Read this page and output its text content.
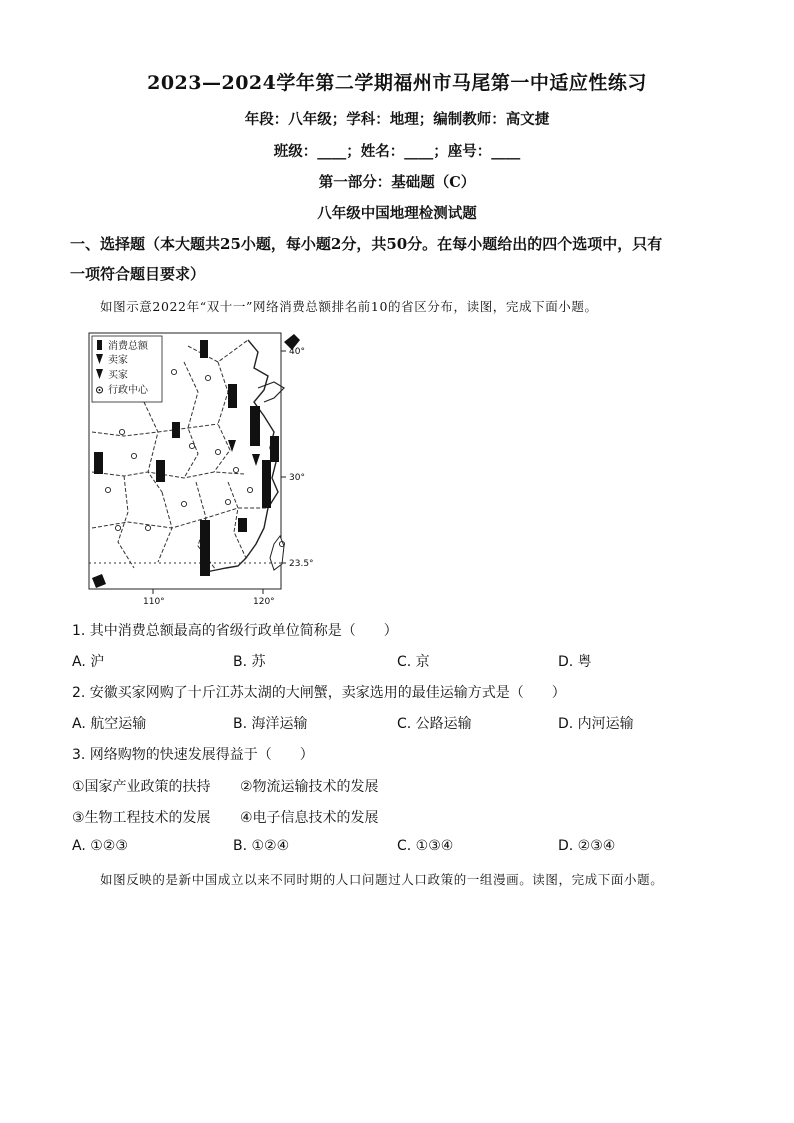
2023—2024学年第二学期福州市马尾第一中适应性练习
年段：八年级；学科：地理；编制教师：高文捷
班级：____；姓名：____；座号：____
第一部分：基础题（C）
八年级中国地理检测试题
一、选择题（本大题共25小题，每小题2分，共50分。在每小题给出的四个选项中，只有
一项符合题目要求）
如图示意2022年“双十一”网络消费总额排名前10的省区分布，读图，完成下面小题。
消费总额
卖家
买家
行政中心
40°
30°
23.5°
110°	120°
1. 其中消费总额最高的省级行政单位简称是（　　）
A. 沪	B. 苏	C. 京	D. 粤
2. 安徽买家网购了十斤江苏太湖的大闸蟹，卖家选用的最佳运输方式是（　　）
A. 航空运输	B. 海洋运输	C. 公路运输	D. 内河运输
3. 网络购物的快速发展得益于（　　）
①国家产业政策的扶持 ②物流运输技术的发展
③生物工程技术的发展 ④电子信息技术的发展
A. ①②③	B. ①②④	C. ①③④	D. ②③④
如图反映的是新中国成立以来不同时期的人口问题过人口政策的一组漫画。读图，完成下面小题。
